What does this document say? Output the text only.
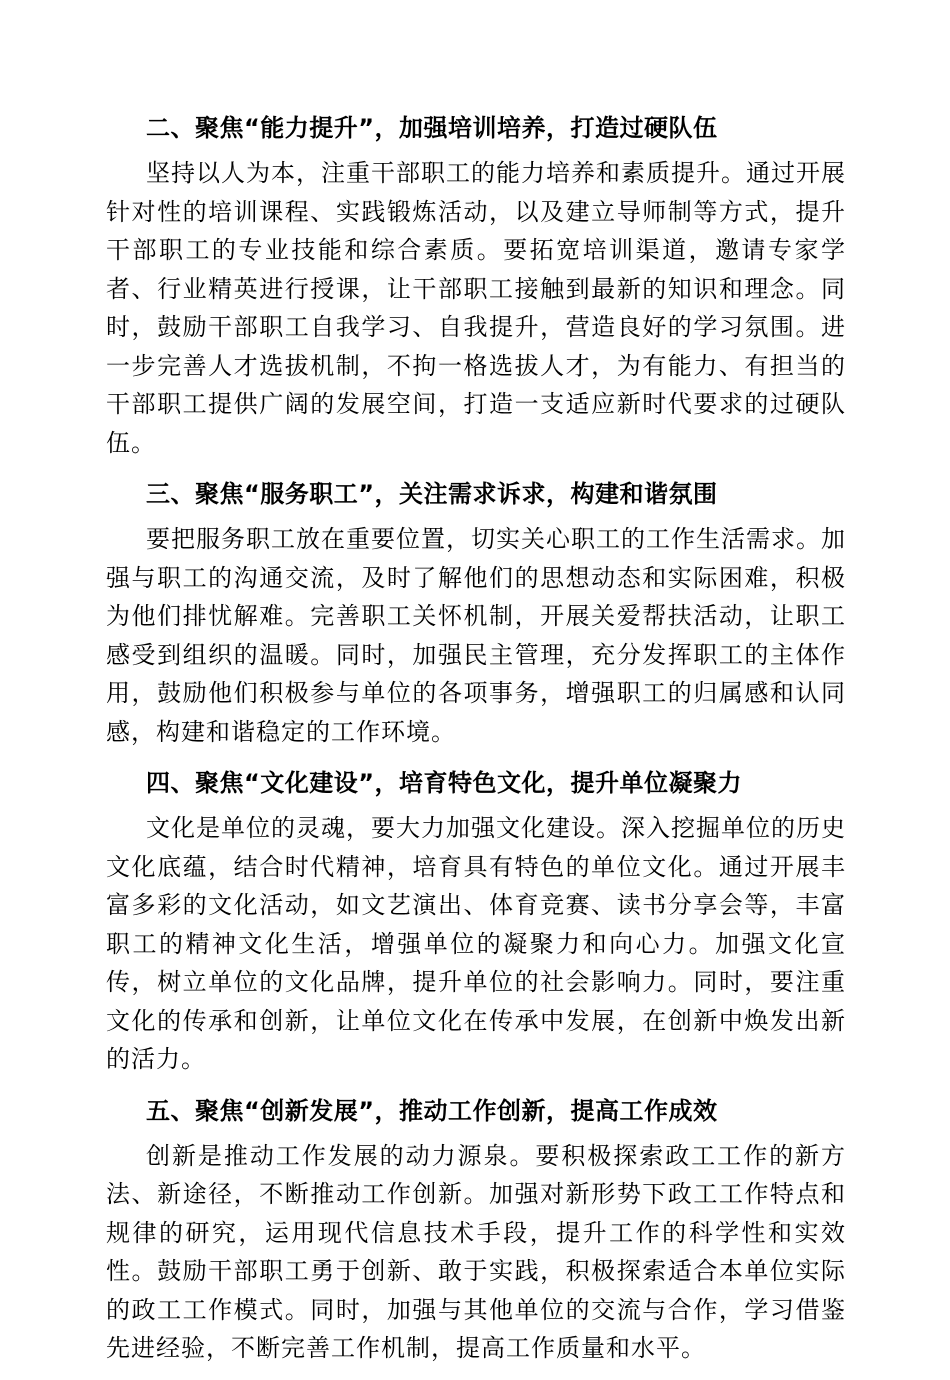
二、聚焦“能力提升”，加强培训培养，打造过硬队伍

坚持以人为本，注重干部职工的能力培养和素质提升。通过开展针对性的培训课程、实践锻炼活动，以及建立导师制等方式，提升干部职工的专业技能和综合素质。要拓宽培训渠道，邀请专家学者、行业精英进行授课，让干部职工接触到最新的知识和理念。同时，鼓励干部职工自我学习、自我提升，营造良好的学习氛围。进一步完善人才选拔机制，不拘一格选拔人才，为有能力、有担当的干部职工提供广阔的发展空间，打造一支适应新时代要求的过硬队伍。

三、聚焦“服务职工”，关注需求诉求，构建和谐氛围

要把服务职工放在重要位置，切实关心职工的工作生活需求。加强与职工的沟通交流，及时了解他们的思想动态和实际困难，积极为他们排忧解难。完善职工关怀机制，开展关爱帮扶活动，让职工感受到组织的温暖。同时，加强民主管理，充分发挥职工的主体作用，鼓励他们积极参与单位的各项事务，增强职工的归属感和认同感，构建和谐稳定的工作环境。

四、聚焦“文化建设”，培育特色文化，提升单位凝聚力

文化是单位的灵魂，要大力加强文化建设。深入挖掘单位的历史文化底蕴，结合时代精神，培育具有特色的单位文化。通过开展丰富多彩的文化活动，如文艺演出、体育竞赛、读书分享会等，丰富职工的精神文化生活，增强单位的凝聚力和向心力。加强文化宣传，树立单位的文化品牌，提升单位的社会影响力。同时，要注重文化的传承和创新，让单位文化在传承中发展，在创新中焕发出新的活力。

五、聚焦“创新发展”，推动工作创新，提高工作成效

创新是推动工作发展的动力源泉。要积极探索政工工作的新方法、新途径，不断推动工作创新。加强对新形势下政工工作特点和规律的研究，运用现代信息技术手段，提升工作的科学性和实效性。鼓励干部职工勇于创新、敢于实践，积极探索适合本单位实际的政工工作模式。同时，加强与其他单位的交流与合作，学习借鉴先进经验，不断完善工作机制，提高工作质量和水平。
